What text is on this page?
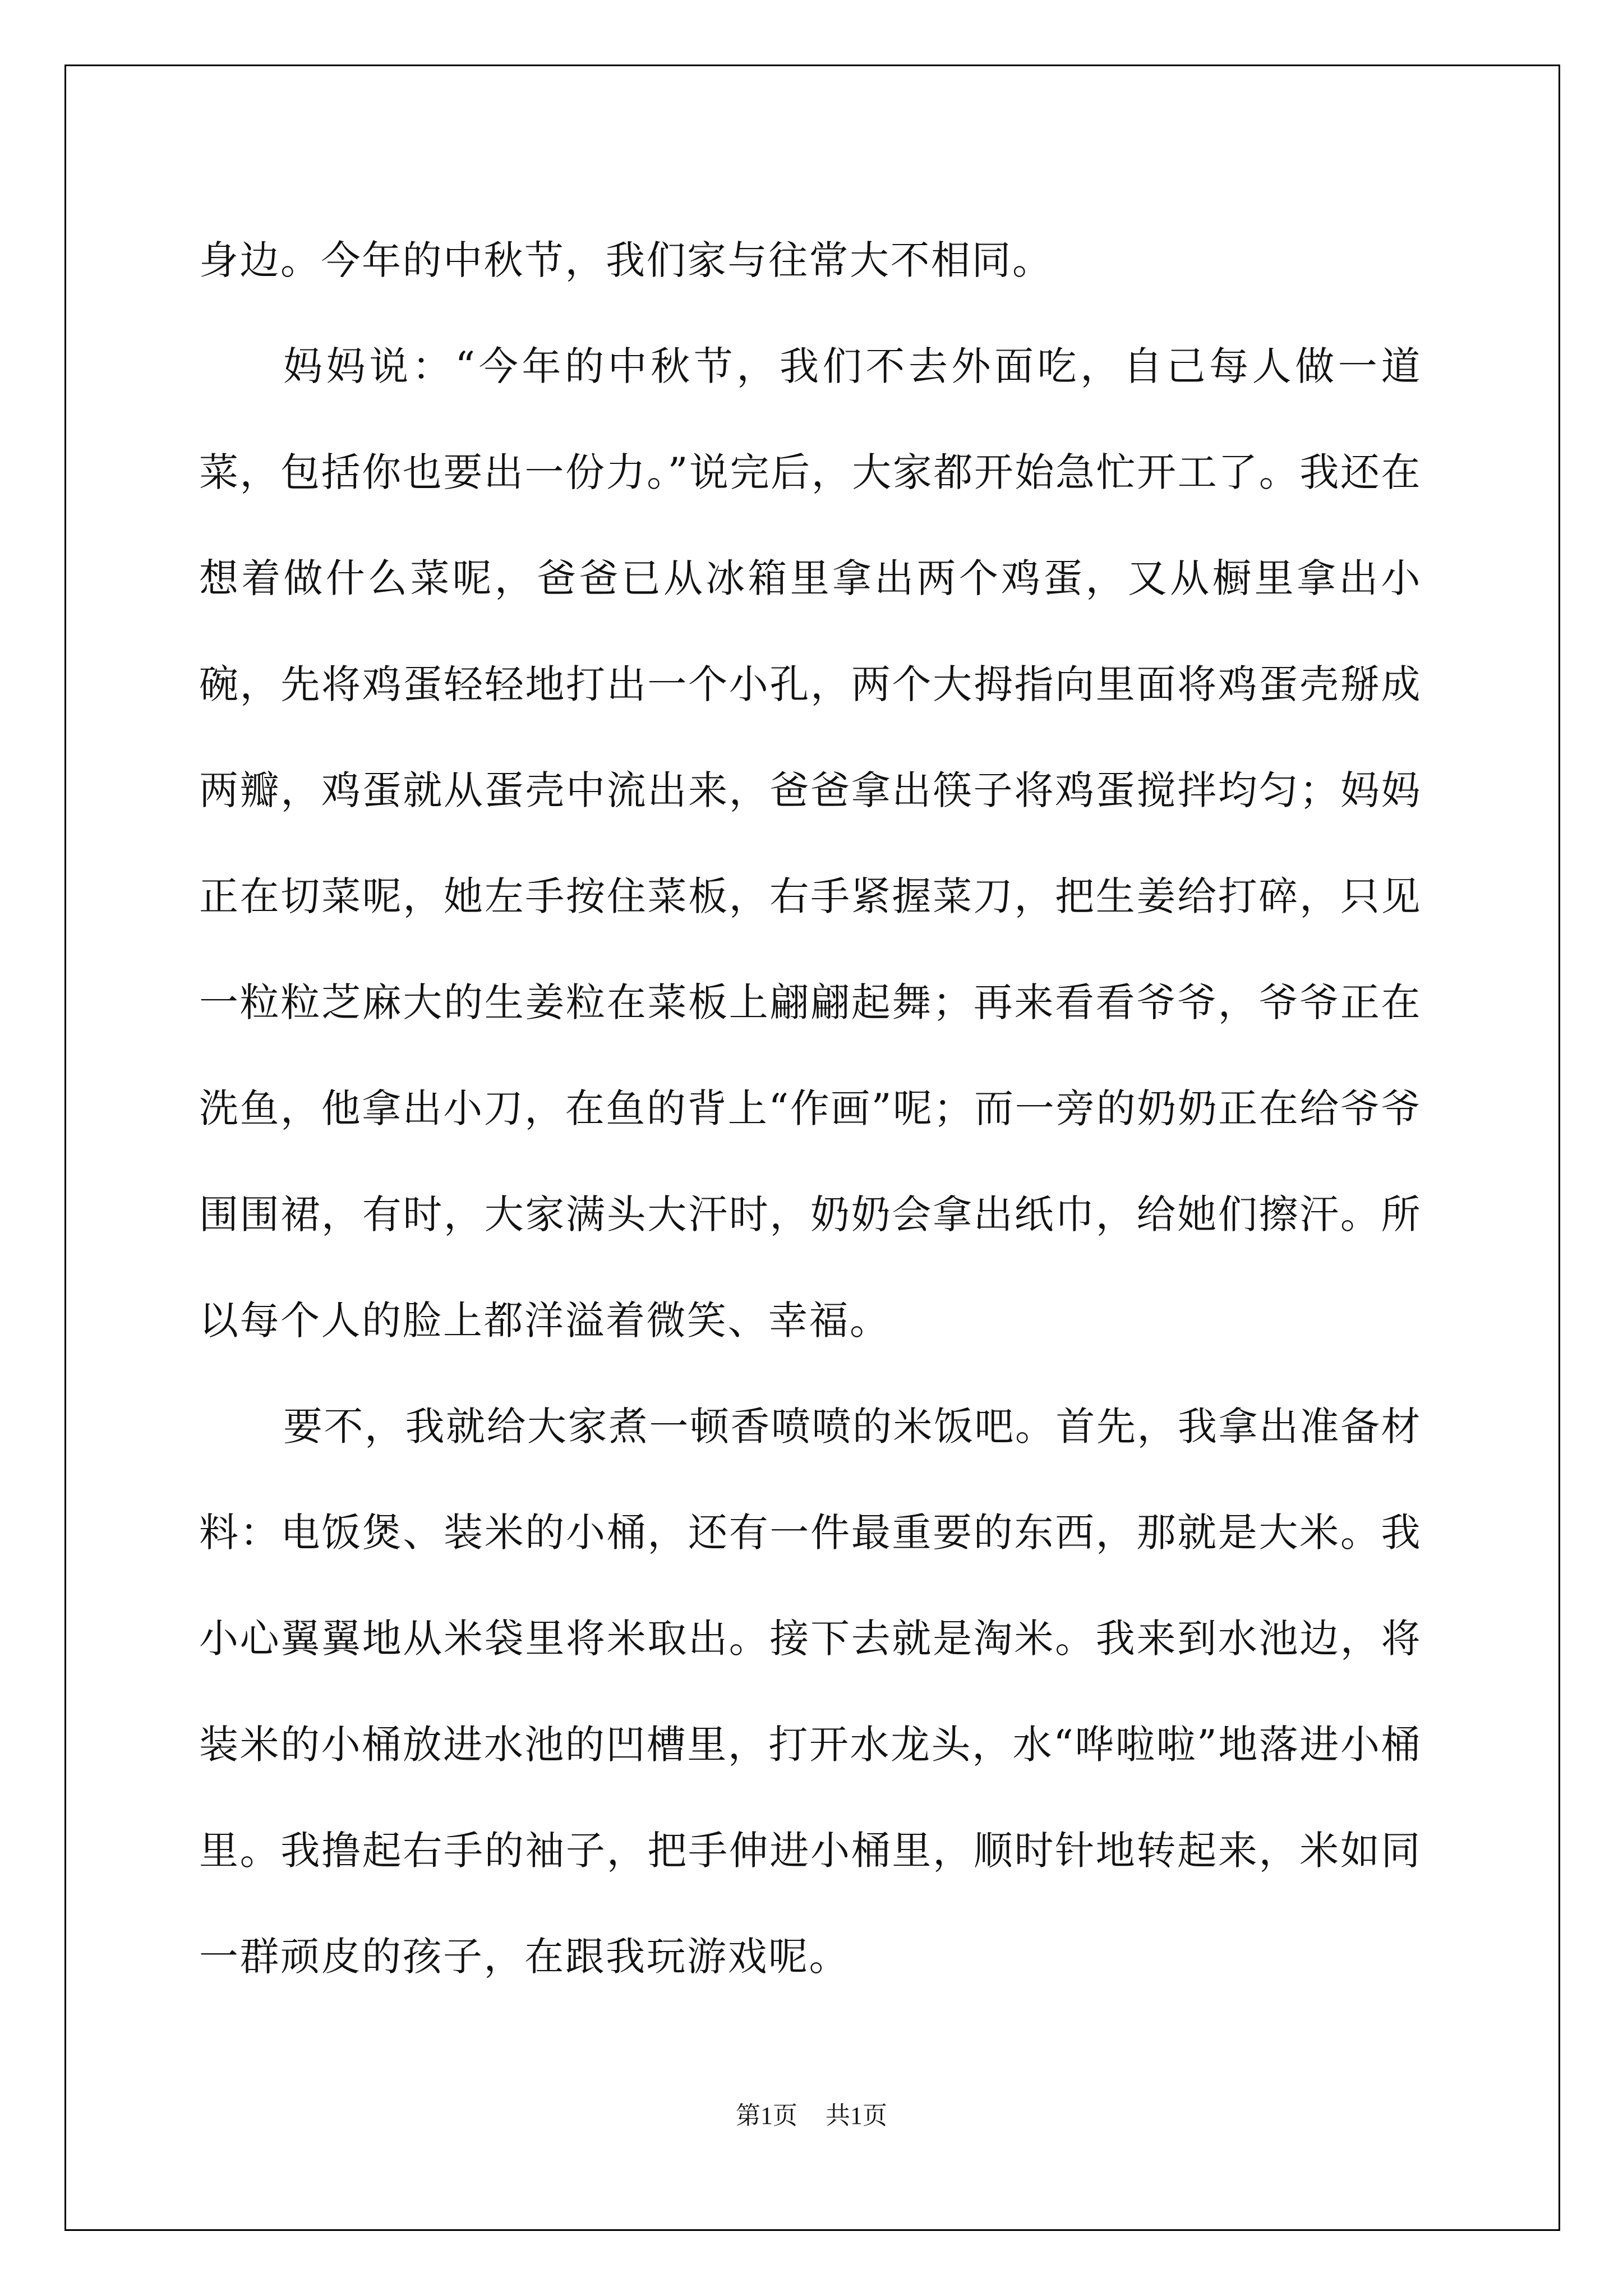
身边。今年的中秋节，我们家与往常大不相同。

妈妈说：“今年的中秋节，我们不去外面吃，自己每人做一道菜，包括你也要出一份力。”说完后，大家都开始急忙开工了。我还在想着做什么菜呢，爸爸已从冰箱里拿出两个鸡蛋，又从橱里拿出小碗，先将鸡蛋轻轻地打出一个小孔，两个大拇指向里面将鸡蛋壳掰成两瓣，鸡蛋就从蛋壳中流出来，爸爸拿出筷子将鸡蛋搅拌均匀；妈妈正在切菜呢，她左手按住菜板，右手紧握菜刀，把生姜给打碎，只见一粒粒芝麻大的生姜粒在菜板上翩翩起舞；再来看看爷爷，爷爷正在洗鱼，他拿出小刀，在鱼的背上“作画”呢；而一旁的奶奶正在给爷爷围围裙，有时，大家满头大汗时，奶奶会拿出纸巾，给她们擦汗。所以每个人的脸上都洋溢着微笑、幸福。

要不，我就给大家煮一顿香喷喷的米饭吧。首先，我拿出准备材料：电饭煲、装米的小桶，还有一件最重要的东西，那就是大米。我小心翼翼地从米袋里将米取出。接下去就是淘米。我来到水池边，将装米的小桶放进水池的凹槽里，打开水龙头，水“哗啦啦”地落进小桶里。我撸起右手的袖子，把手伸进小桶里，顺时针地转起来，米如同一群顽皮的孩子，在跟我玩游戏呢。

第1页 共1页
